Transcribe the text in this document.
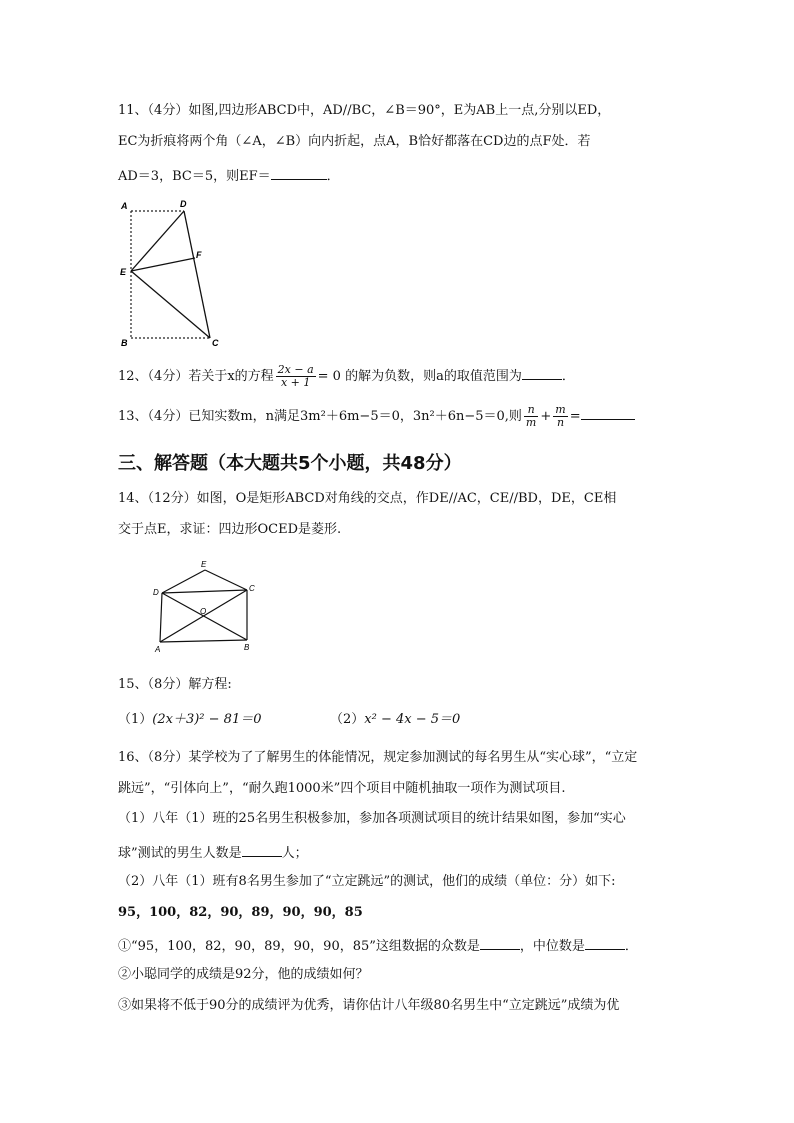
11、（4分）如图,四边形ABCD中，AD//BC，∠B＝90°，E为AB上一点,分别以ED，
EC为折痕将两个角（∠A，∠B）向内折起，点A，B恰好都落在CD边的点F处．若
AD＝3，BC＝5，则EF＝	．
A	D
E
F
B	C
12、（4分）若关于x的方程 $\frac{2x - a}{x + 1} = 0$ 的解为负数，则a的取值范围为	．
13、（4分）已知实数m，n满足3m²＋6m−5＝0，3n²＋6n−5＝0,则 $\frac{n}{m} + \frac{m}{n}$ =
三、解答题（本大题共5个小题，共48分）
14、（12分）如图，O是矩形ABCD对角线的交点，作DE//AC，CE//BD，DE，CE相
交于点E，求证：四边形OCED是菱形.
E
D	C
O
A	B
15、（8分）解方程:
（1）(2x＋3)² − 81＝0	（2）x² − 4x − 5＝0
16、（8分）某学校为了了解男生的体能情况，规定参加测试的每名男生从“实心球”，“立定
跳远”，“引体向上”，“耐久跑1000米”四个项目中随机抽取一项作为测试项目.
（1）八年（1）班的25名男生积极参加，参加各项测试项目的统计结果如图，参加“实心
球”测试的男生人数是	人；
（2）八年（1）班有8名男生参加了“立定跳远”的测试，他们的成绩（单位：分）如下:
95，100，82，90，89，90，90，85
①“95，100，82，90，89，90，90，85”这组数据的众数是	，中位数是	．
②小聪同学的成绩是92分，他的成绩如何？
③如果将不低于90分的成绩评为优秀，请你估计八年级80名男生中“立定跳远”成绩为优
